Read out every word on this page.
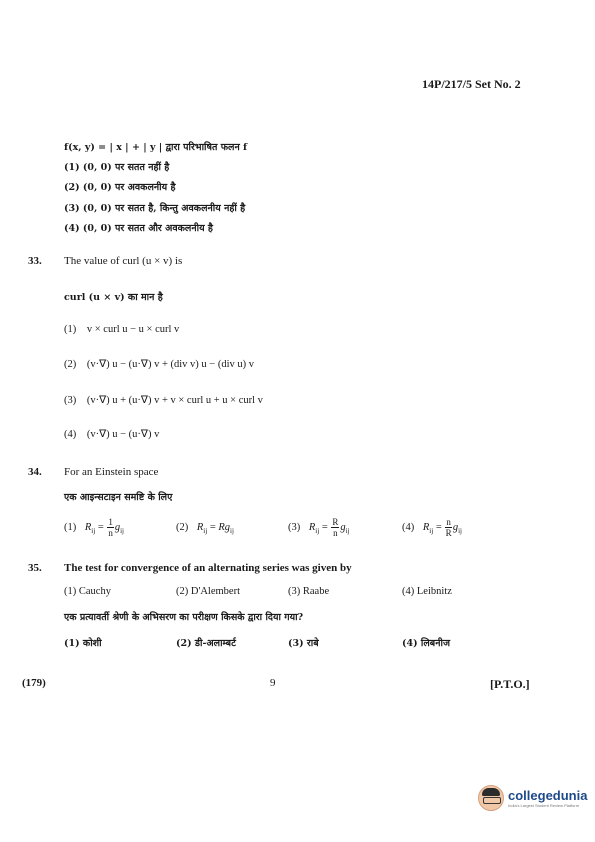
14P/217/5 Set No. 2
f(x, y) = | x | + | y | द्वारा परिभाषित फलन f
(1) (0, 0) पर सतत नहीं है
(2) (0, 0) पर अवकलनीय है
(3) (0, 0) पर सतत है, किन्तु अवकलनीय नहीं है
(4) (0, 0) पर सतत और अवकलनीय है
33. The value of curl (u × v) is
curl (u × v) का मान है
(1) v × curl u − u × curl v
(2) (v·∇) u − (u·∇) v + (div v) u − (div u) v
(3) (v·∇) u + (u·∇) v + v × curl u + u × curl v
(4) (v·∇) u − (u·∇) v
34. For an Einstein space
एक आइन्सटाइन समष्टि के लिए
(1) $R_{ij} = \frac{1}{n} g_{ij}$	(2) $R_{ij} = Rg_{ij}$	(3) $R_{ij} = \frac{R}{n} g_{ij}$	(4) $R_{ij} = \frac{n}{R} g_{ij}$
35. The test for convergence of an alternating series was given by
(1) Cauchy	(2) D'Alembert	(3) Raabe	(4) Leibnitz
एक प्रत्यावर्ती श्रेणी के अभिसरण का परीक्षण किसके द्वारा दिया गया?
(1) कोशी	(2) डी-अलाम्बर्ट	(3) राबे	(4) लिबनीज
(179)	9	[P.T.O.]
collegedunia
India's Largest Student Review Platform
